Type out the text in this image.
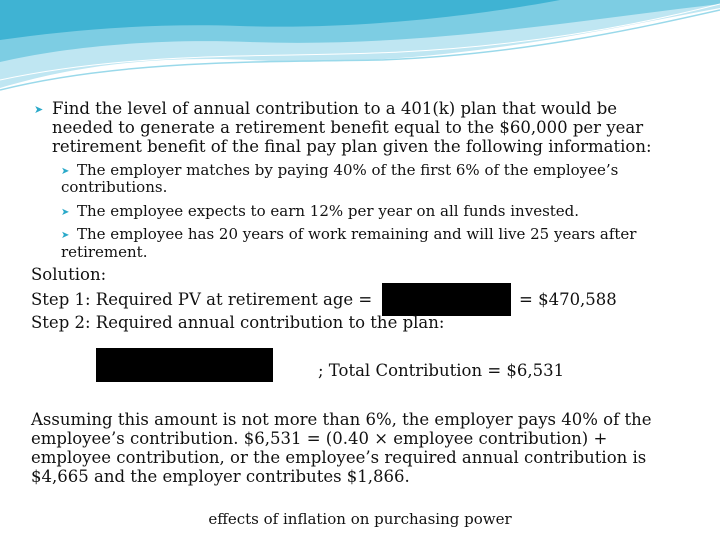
➤ Find the level of annual contribution to a 401(k) plan that would be
needed to generate a retirement benefit equal to the $60,000 per year
retirement benefit of the final pay plan given the following information:
➤ The employer matches by paying 40% of the first 6% of the employee’s
contributions.
➤ The employee expects to earn 12% per year on all funds invested.
➤ The employee has 20 years of work remaining and will live 25 years after
retirement.
Solution:
Step 1: Required PV at retirement age =	= $470,588
Step 2: Required annual contribution to the plan:
; Total Contribution = $6,531
Assuming this amount is not more than 6%, the employer pays 40% of the
employee’s contribution. $6,531 = (0.40 × employee contribution) +
employee contribution, or the employee’s required annual contribution is
$4,665 and the employer contributes $1,866.
effects of inflation on purchasing power
